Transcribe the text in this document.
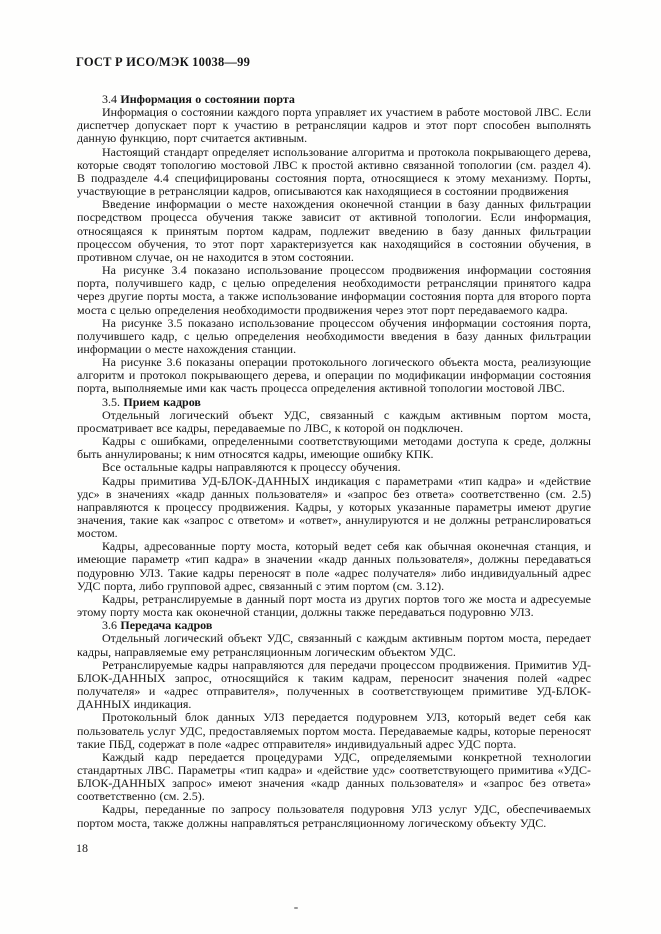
ГОСТ Р ИСО/МЭК 10038—99

3.4 Информация о состоянии порта

Информация о состоянии каждого порта управляет их участием в работе мостовой ЛВС. Если диспетчер допускает порт к участию в ретрансляции кадров и этот порт способен выполнять данную функцию, порт считается активным.

Настоящий стандарт определяет использование алгоритма и протокола покрывающего дерева, которые сводят топологию мостовой ЛВС к простой активно связанной топологии (см. раздел 4). В подразделе 4.4 специфицированы состояния порта, относящиеся к этому механизму. Порты, участвующие в ретрансляции кадров, описываются как находящиеся в состоянии продвижения

Введение информации о месте нахождения оконечной станции в базу данных фильтрации посредством процесса обучения также зависит от активной топологии. Если информация, относящаяся к принятым портом кадрам, подлежит введению в базу данных фильтрации процессом обучения, то этот порт характеризуется как находящийся в состоянии обучения, в противном случае, он не находится в этом состоянии.

На рисунке 3.4 показано использование процессом продвижения информации состояния порта, получившего кадр, с целью определения необходимости ретрансляции принятого кадра через другие порты моста, а также использование информации состояния порта для второго порта моста с целью определения необходимости продвижения через этот порт передаваемого кадра.

На рисунке 3.5 показано использование процессом обучения информации состояния порта, получившего кадр, с целью определения необходимости введения в базу данных фильтрации информации о месте нахождения станции.

На рисунке 3.6 показаны операции протокольного логического объекта моста, реализующие алгоритм и протокол покрывающего дерева, и операции по модификации информации состояния порта, выполняемые ими как часть процесса определения активной топологии мостовой ЛВС.

3.5. Прием кадров

Отдельный логический объект УДС, связанный с каждым активным портом моста, просматривает все кадры, передаваемые по ЛВС, к которой он подключен.

Кадры с ошибками, определенными соответствующими методами доступа к среде, должны быть аннулированы; к ним относятся кадры, имеющие ошибку КПК.

Все остальные кадры направляются к процессу обучения.

Кадры примитива УД-БЛОК-ДАННЫХ индикация с параметрами «тип кадра» и «действие удс» в значениях «кадр данных пользователя» и «запрос без ответа» соответственно (см. 2.5) направляются к процессу продвижения. Кадры, у которых указанные параметры имеют другие значения, такие как «запрос с ответом» и «ответ», аннулируются и не должны ретранслироваться мостом.

Кадры, адресованные порту моста, который ведет себя как обычная оконечная станция, и имеющие параметр «тип кадра» в значении «кадр данных пользователя», должны передаваться подуровню УЛЗ. Такие кадры переносят в поле «адрес получателя» либо индивидуальный адрес УДС порта, либо групповой адрес, связанный с этим портом (см. 3.12).

Кадры, ретранслируемые в данный порт моста из других портов того же моста и адресуемые этому порту моста как оконечной станции, должны также передаваться подуровню УЛЗ.

3.6 Передача кадров

Отдельный логический объект УДС, связанный с каждым активным портом моста, передает кадры, направляемые ему ретрансляционным логическим объектом УДС.

Ретранслируемые кадры направляются для передачи процессом продвижения. Примитив УД-БЛОК-ДАННЫХ запрос, относящийся к таким кадрам, переносит значения полей «адрес получателя» и «адрес отправителя», полученных в соответствующем примитиве УД-БЛОК-ДАННЫХ индикация.

Протокольный блок данных УЛЗ передается подуровнем УЛЗ, который ведет себя как пользователь услуг УДС, предоставляемых портом моста. Передаваемые кадры, которые переносят такие ПБД, содержат в поле «адрес отправителя» индивидуальный адрес УДС порта.

Каждый кадр передается процедурами УДС, определяемыми конкретной технологии стандартных ЛВС. Параметры «тип кадра» и «действие удс» соответствующего примитива «УДС-БЛОК-ДАННЫХ запрос» имеют значения «кадр данных пользователя» и «запрос без ответа» соответственно (см. 2.5).

Кадры, переданные по запросу пользователя подуровня УЛЗ услуг УДС, обеспечиваемых портом моста, также должны направляться ретрансляционному логическому объекту УДС.

18
